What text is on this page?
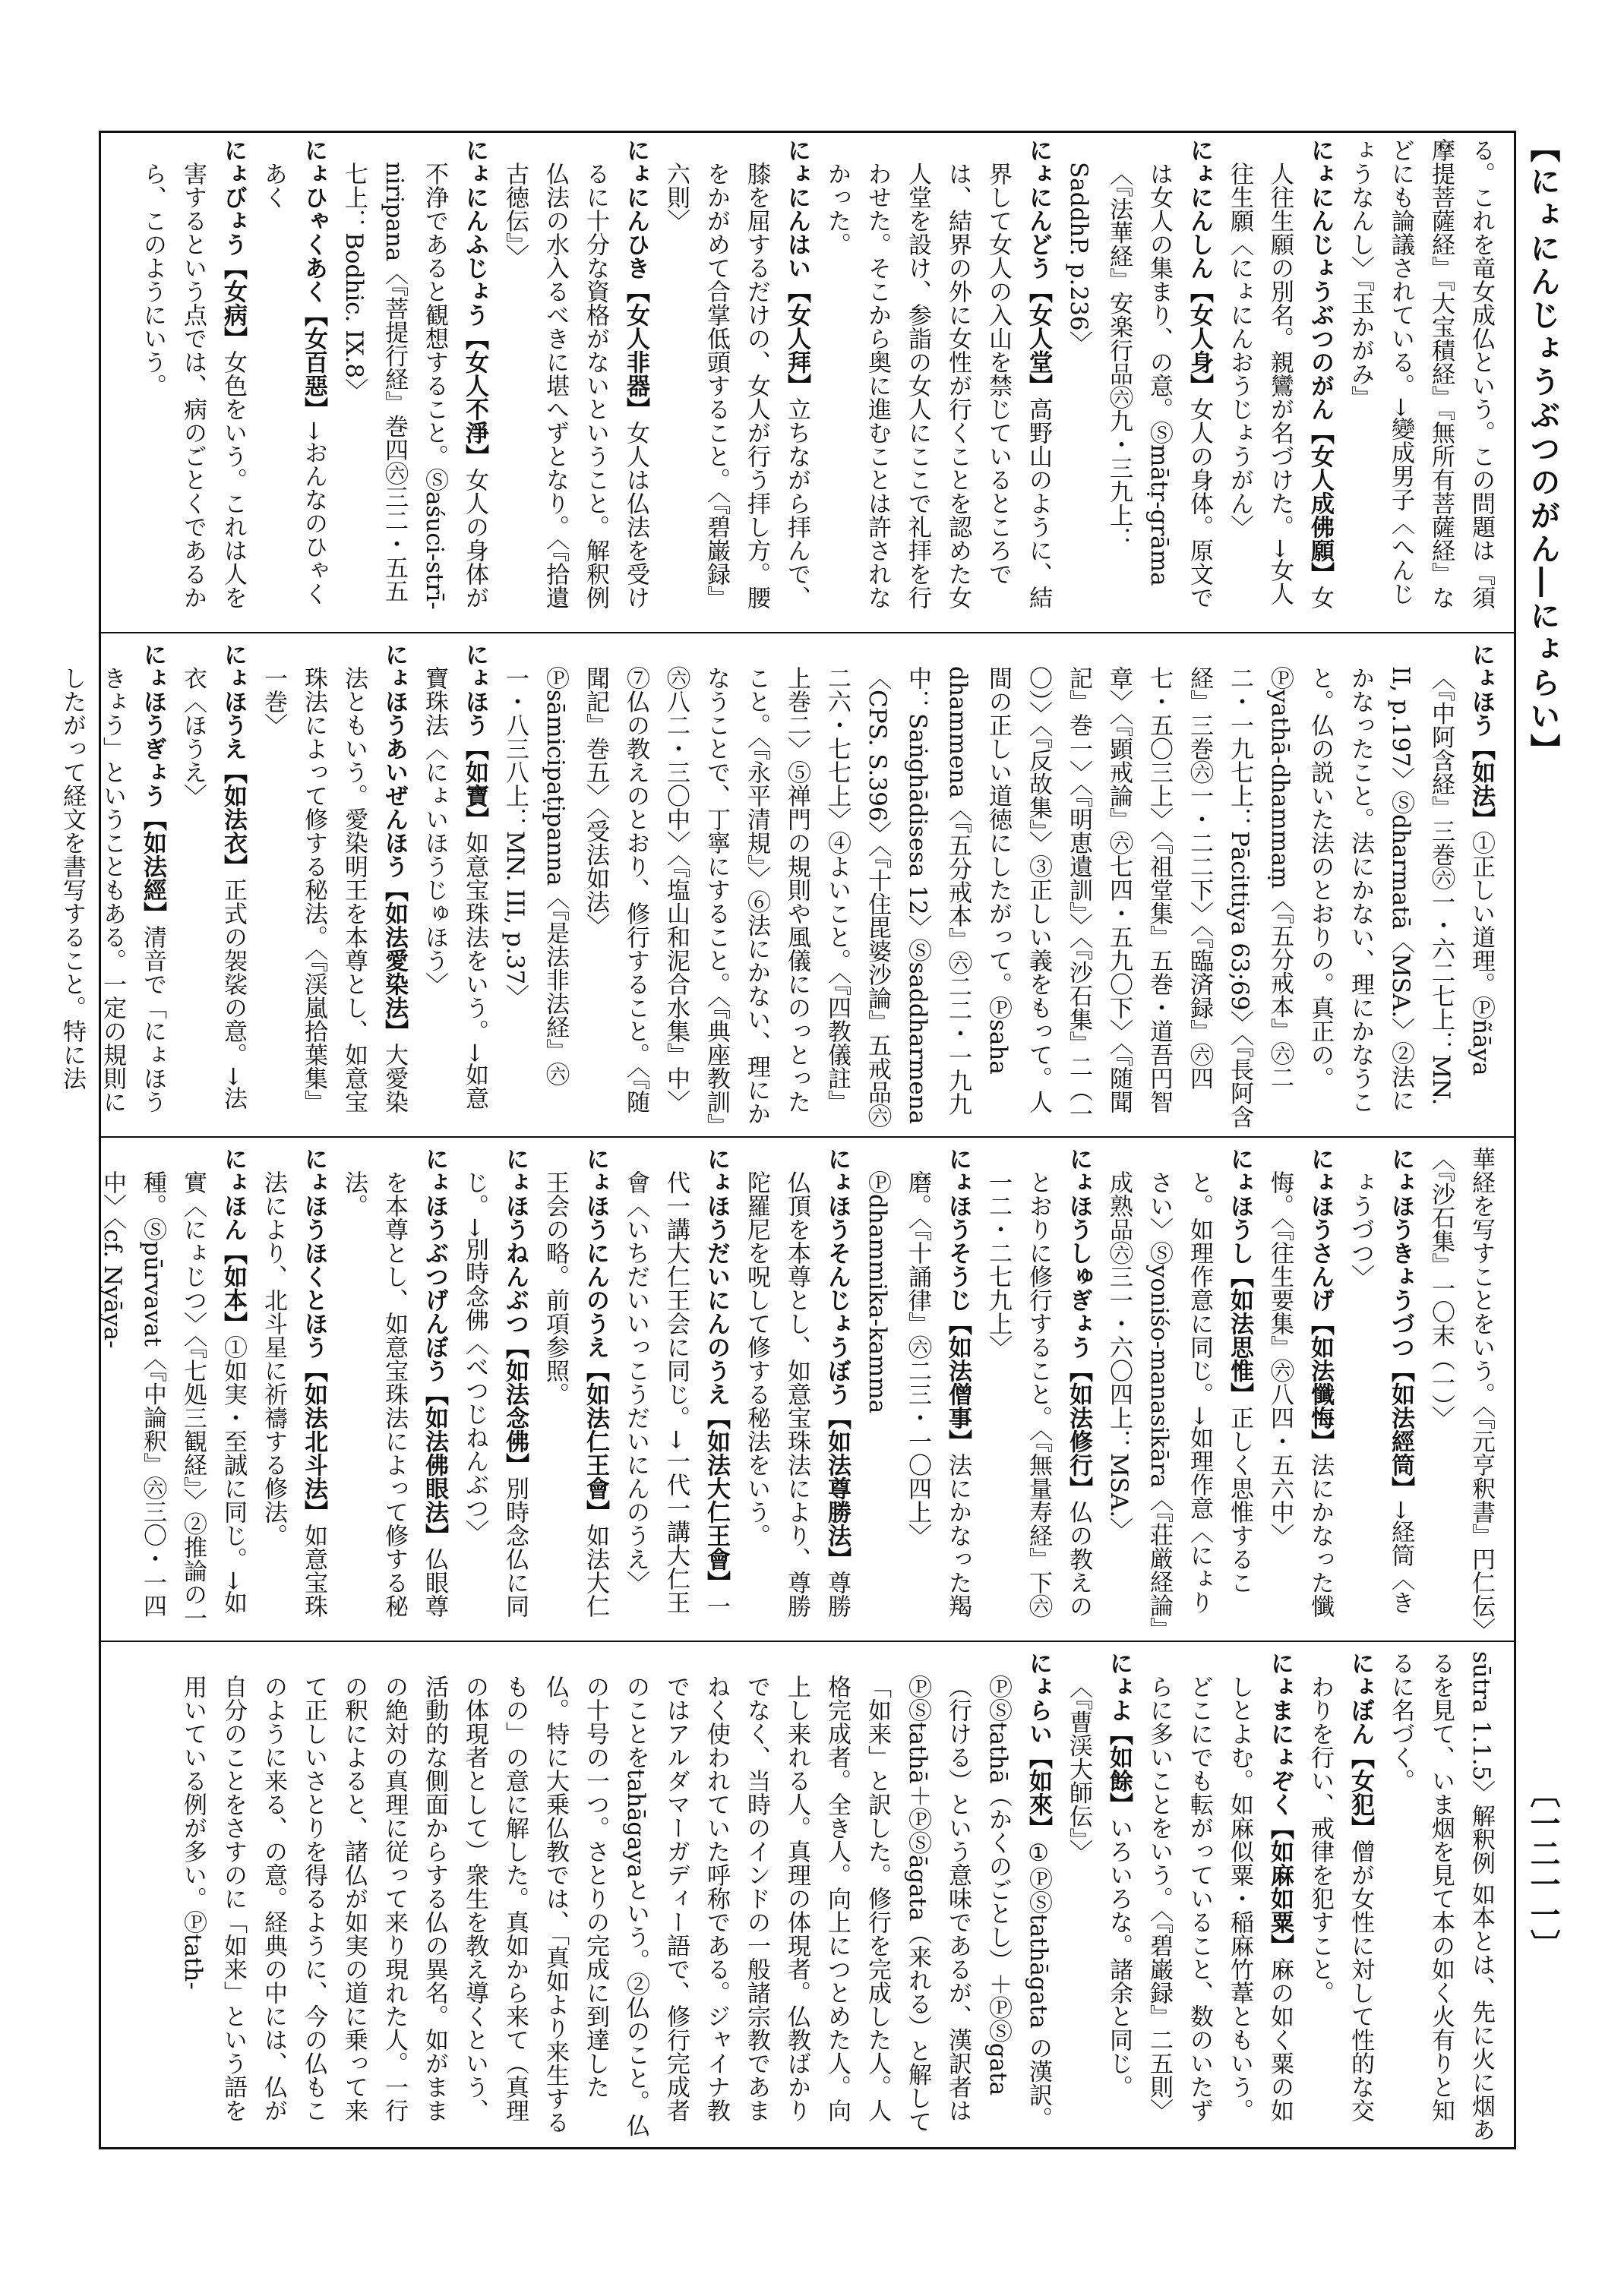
【にょにんじょうぶつのがん―にょらい】
〔一二一一〕

る。これを竜女成仏という。この問題は『須摩提菩薩経』『大宝積経』『無所有菩薩経』などにも論議されている。→變成男子〈へんじょうなんし〉『玉かがみ』

にょにんじょうぶつのがん【女人成佛願】女人往生願の別名。親鸞が名づけた。→女人往生願〈にょにんおうじょうがん〉

にょにんしん【女人身】女人の身体。原文では女人の集まり、の意。Ⓢmātṛ-grāma〈『法華経』安楽行品㊅九・三九上：SaddhP. p.236〉

にょにんどう【女人堂】高野山のように、結界して女人の入山を禁じているところでは、結界の外に女性が行くことを認めた女人堂を設け、参詣の女人にここで礼拝を行わせた。そこから奥に進むことは許されなかった。

にょにんはい【女人拜】立ちながら拝んで、膝を屈するだけの、女人が行う拝し方。腰をかがめて合掌低頭すること。〈『碧巌録』六則〉

にょにんひき【女人非器】女人は仏法を受けるに十分な資格がないということ。解釈例 仏法の水入るべきに堪へずとなり。〈『拾遺古徳伝』〉

にょにんふじょう【女人不淨】女人の身体が不浄であると観想すること。Ⓢaśuci-strī-niripana〈『菩提行経』巻四㊅三二・五五七上：Bodhic. IX.8〉

にょひゃくあく【女百惡】→おんなのひゃくあく

にょびょう【女病】女色をいう。これは人を害するという点では、病のごとくであるから、このようにいう。

にょほう【如法】①正しい道理。Ⓟñāya〈『中阿含経』三巻㊅一・六二七上：MN. II, p.197〉Ⓢdharmatā〈MSA.〉②法にかなったこと。法にかない、理にかなうこと。仏の説いた法のとおりの。真正の。Ⓟyathā-dhammaṃ〈『五分戒本』㊅二二・一九七上：Pācittiya 63;69〉〈『長阿含経』三巻㊅一・二二下〉〈『臨済録』㊅四七・五〇三上〉〈『祖堂集』五巻・道吾円智章〉〈『顕戒論』㊅七四・五九〇下〉〈『随聞記』巻一〉〈『明恵遺訓』〉〈『沙石集』二（一〇）〉〈『反故集』〉③正しい義をもって。人間の正しい道徳にしたがって。Ⓟsaha dhammena〈『五分戒本』㊅二二・一九九中：Saṅghādisesa 12〉Ⓢsaddharmena〈CPS. S.396〉〈『十住毘婆沙論』五戒品㊅二六・七七上〉④よいこと。〈『四教儀註』上巻二〉⑤禅門の規則や風儀にのっとったこと。〈『永平清規』〉⑥法にかない、理にかなうことで、丁寧にすること。〈『典座教訓』㊅八二・三〇中〉〈『塩山和泥合水集』中〉⑦仏の教えのとおり、修行すること。〈『随聞記』巻五〉〈受法如法〉Ⓟsāmicipaṭipanna〈『是法非法経』㊅一・八三八上：MN. III, p.37〉

にょほう【如寶】如意宝珠法をいう。→如意寶珠法〈にょいほうじゅほう〉

にょほうあいぜんほう【如法愛染法】大愛染法ともいう。愛染明王を本尊とし、如意宝珠法によって修する秘法。〈『渓嵐拾葉集』一巻〉

にょほうえ【如法衣】正式の袈裟の意。→法衣〈ほうえ〉

にょほうぎょう【如法經】清音で「にょほうきょう」ということもある。一定の規則にしたがって経文を書写すること。特に法

華経を写すことをいう。〈『元亨釈書』円仁伝〉〈『沙石集』一〇末（一）〉

にょほうきょうづつ【如法經筒】→経筒〈きょうづつ〉

にょほうさんげ【如法懺悔】法にかなった懺悔。〈『往生要集』㊅八四・五六中〉

にょほうし【如法思惟】正しく思惟すること。如理作意に同じ。→如理作意〈にょりさい〉Ⓢyoniśo-manasikāra〈『荘厳経論』成熟品㊅三一・六〇四上：MSA.〉

にょほうしゅぎょう【如法修行】仏の教えのとおりに修行すること。〈『無量寿経』下㊅一二・二七九上〉

にょほうそうじ【如法僧事】法にかなった羯磨。〈『十誦律』㊅二三・一〇四上〉Ⓟdhammika-kamma

にょほうそんじょうぼう【如法尊勝法】尊勝仏頂を本尊とし、如意宝珠法により、尊勝陀羅尼を呪して修する秘法をいう。

にょほうだいにんのうえ【如法大仁王會】一代一講大仁王会に同じ。→一代一講大仁王會〈いちだいいっこうだいにんのうえ〉

にょほうにんのうえ【如法仁王會】如法大仁王会の略。前項参照。

にょほうねんぶつ【如法念佛】別時念仏に同じ。→別時念佛〈べつじねんぶつ〉

にょほうぶつげんぼう【如法佛眼法】仏眼尊を本尊とし、如意宝珠法によって修する秘法。

にょほうほくとほう【如法北斗法】如意宝珠法により、北斗星に祈禱する修法。

にょほん【如本】①如実・至誠に同じ。→如實〈にょじつ〉〈『七処三観経』〉②推論の一種。Ⓢpūrvavat〈『中論釈』㊅三〇・一四中〉〈cf. Nyāya-

sūtra 1.1.5〉解釈例 如本とは、先に火に烟あるを見て、いま烟を見て本の如く火有りと知るに名づく。

にょぼん【女犯】僧が女性に対して性的な交わりを行い、戒律を犯すこと。

にょまにょぞく【如麻如粟】麻の如く粟の如しとよむ。如麻似粟・稲麻竹葦ともいう。どこにでも転がっていること、数のいたずらに多いことをいう。〈『碧巌録』二五則〉

にょよ【如餘】いろいろな。諸余と同じ。〈『曹渓大師伝』〉

にょらい【如來】①ⓅⓈtathāgata の漢訳。ⓅⓈtathā（かくのごとし）＋ⓅⓈgata（行ける）という意味であるが、漢訳者はⓅⓈtathā＋ⓅⓈāgata（来れる）と解して「如来」と訳した。修行を完成した人。人格完成者。全き人。向上につとめた人。向上し来れる人。真理の体現者。仏教ばかりでなく、当時のインドの一般諸宗教であまねく使われていた呼称である。ジャイナ教ではアルダマーガディー語で、修行完成者のことをtahāgayaという。②仏のこと。仏の十号の一つ。さとりの完成に到達した仏。特に大乗仏教では、「真如より来生するもの」の意に解した。真如から来て（真理の体現者として）衆生を教え導くという、活動的な側面からする仏の異名。如がままの絶対の真理に従って来り現れた人。一行の釈によると、諸仏が如実の道に乗って来て正しいさとりを得るように、今の仏もこのように来る、の意。経典の中には、仏が自分のことをさすのに「如来」という語を用いている例が多い。Ⓟtath-
